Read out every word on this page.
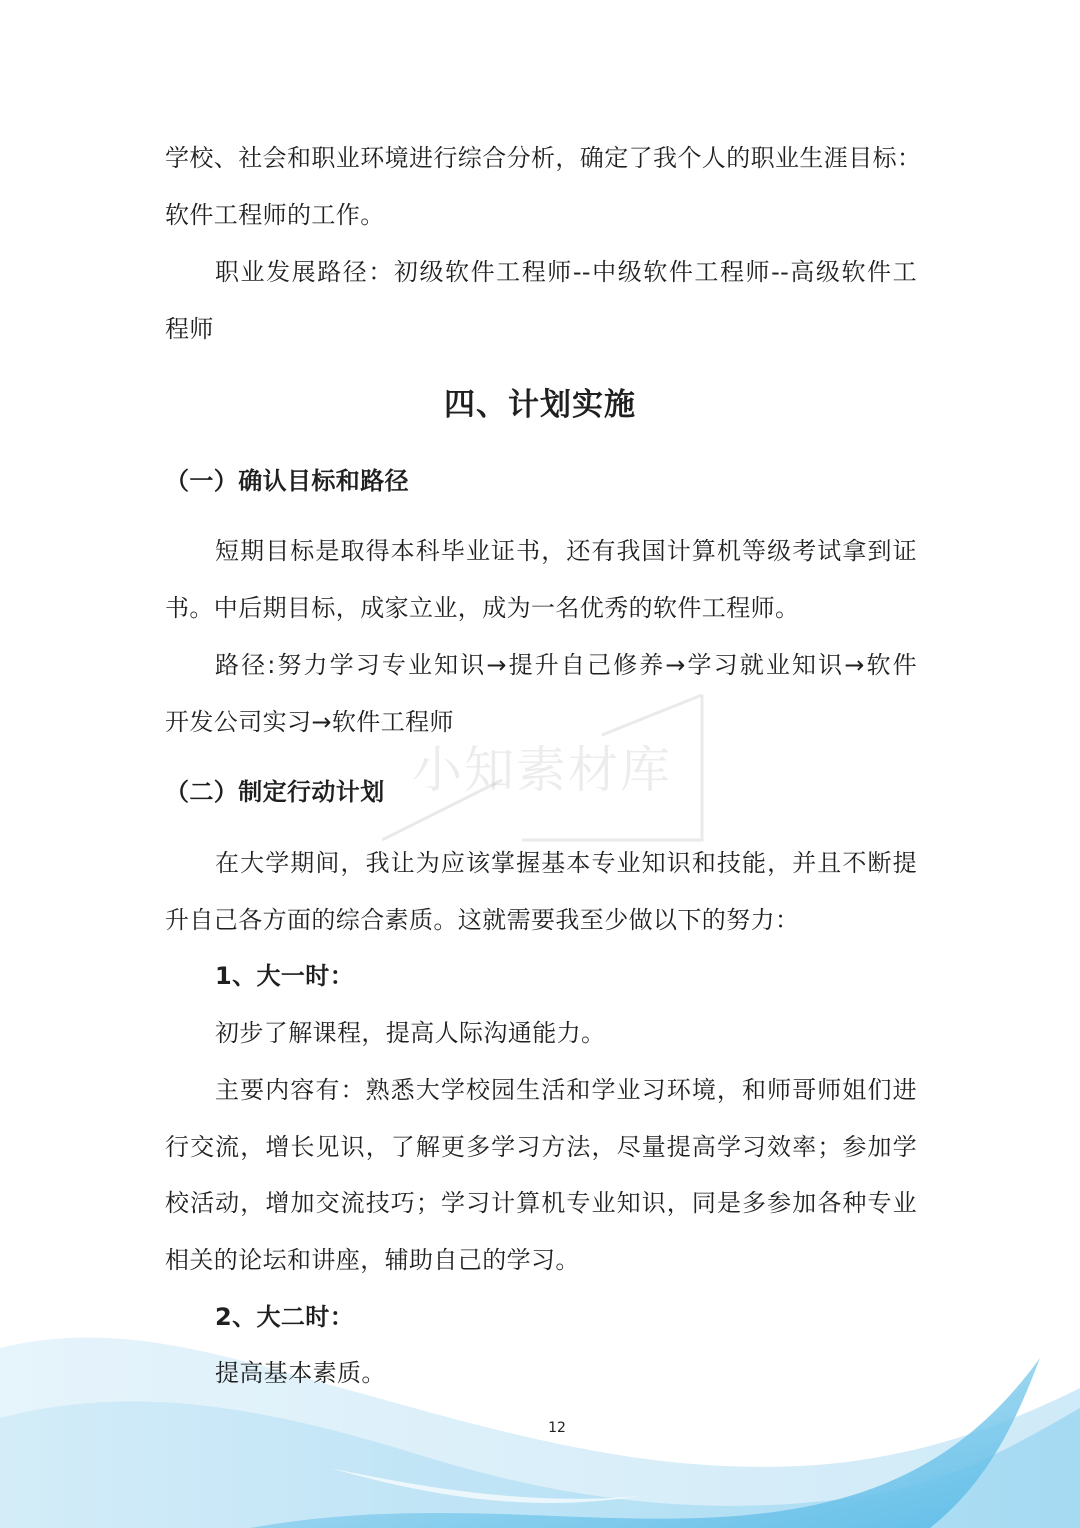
小知素材库
学校、社会和职业环境进行综合分析，确定了我个人的职业生涯目标：
软件工程师的工作。
职业发展路径：初级软件工程师--中级软件工程师--高级软件工
程师
四、计划实施
（一）确认目标和路径
短期目标是取得本科毕业证书，还有我国计算机等级考试拿到证
书。中后期目标，成家立业，成为一名优秀的软件工程师。
路径:努力学习专业知识→提升自己修养→学习就业知识→软件
开发公司实习→软件工程师
（二）制定行动计划
在大学期间，我让为应该掌握基本专业知识和技能，并且不断提
升自己各方面的综合素质。这就需要我至少做以下的努力：
1、大一时：
初步了解课程，提高人际沟通能力。
主要内容有：熟悉大学校园生活和学业习环境，和师哥师姐们进
行交流，增长见识，了解更多学习方法，尽量提高学习效率；参加学
校活动，增加交流技巧；学习计算机专业知识，同是多参加各种专业
相关的论坛和讲座，辅助自己的学习。
2、大二时：
提高基本素质。
12
